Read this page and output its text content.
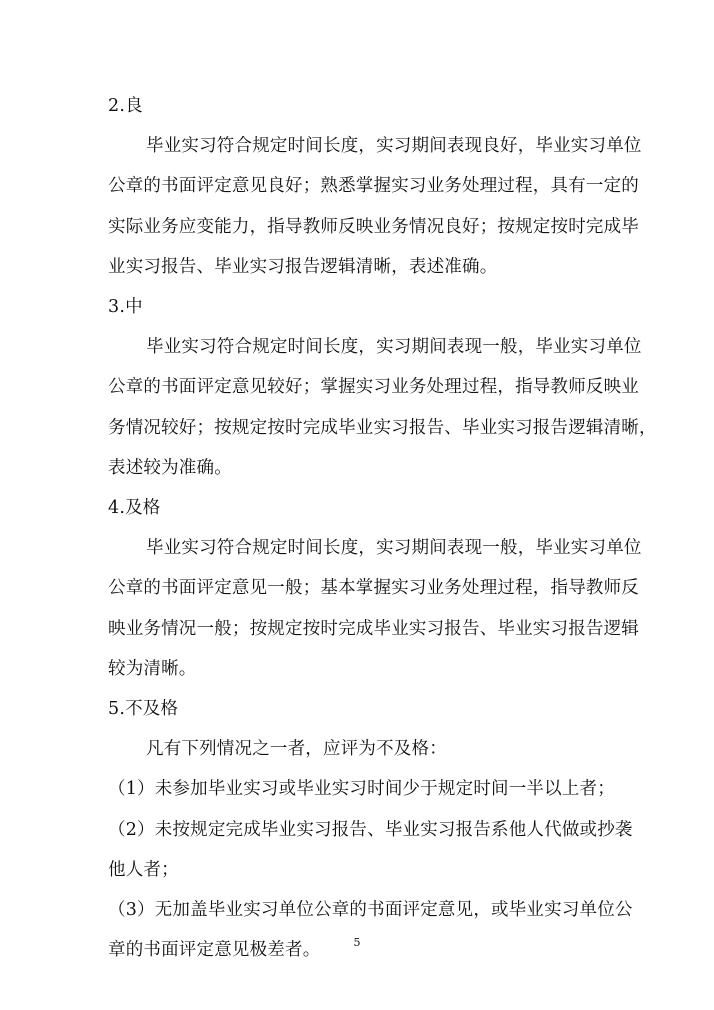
5
2.良
毕业实习符合规定时间长度，实习期间表现良好，毕业实习单位
公章的书面评定意见良好；熟悉掌握实习业务处理过程，具有一定的
实际业务应变能力，指导教师反映业务情况良好；按规定按时完成毕
业实习报告、毕业实习报告逻辑清晰，表述准确。
3.中
毕业实习符合规定时间长度，实习期间表现一般，毕业实习单位
公章的书面评定意见较好；掌握实习业务处理过程，指导教师反映业
务情况较好；按规定按时完成毕业实习报告、毕业实习报告逻辑清晰，
表述较为准确。
4.及格
毕业实习符合规定时间长度，实习期间表现一般，毕业实习单位
公章的书面评定意见一般；基本掌握实习业务处理过程，指导教师反
映业务情况一般；按规定按时完成毕业实习报告、毕业实习报告逻辑
较为清晰。
5.不及格
凡有下列情况之一者，应评为不及格：
（1）未参加毕业实习或毕业实习时间少于规定时间一半以上者；
（2）未按规定完成毕业实习报告、毕业实习报告系他人代做或抄袭
他人者；
（3）无加盖毕业实习单位公章的书面评定意见，或毕业实习单位公
章的书面评定意见极差者。
